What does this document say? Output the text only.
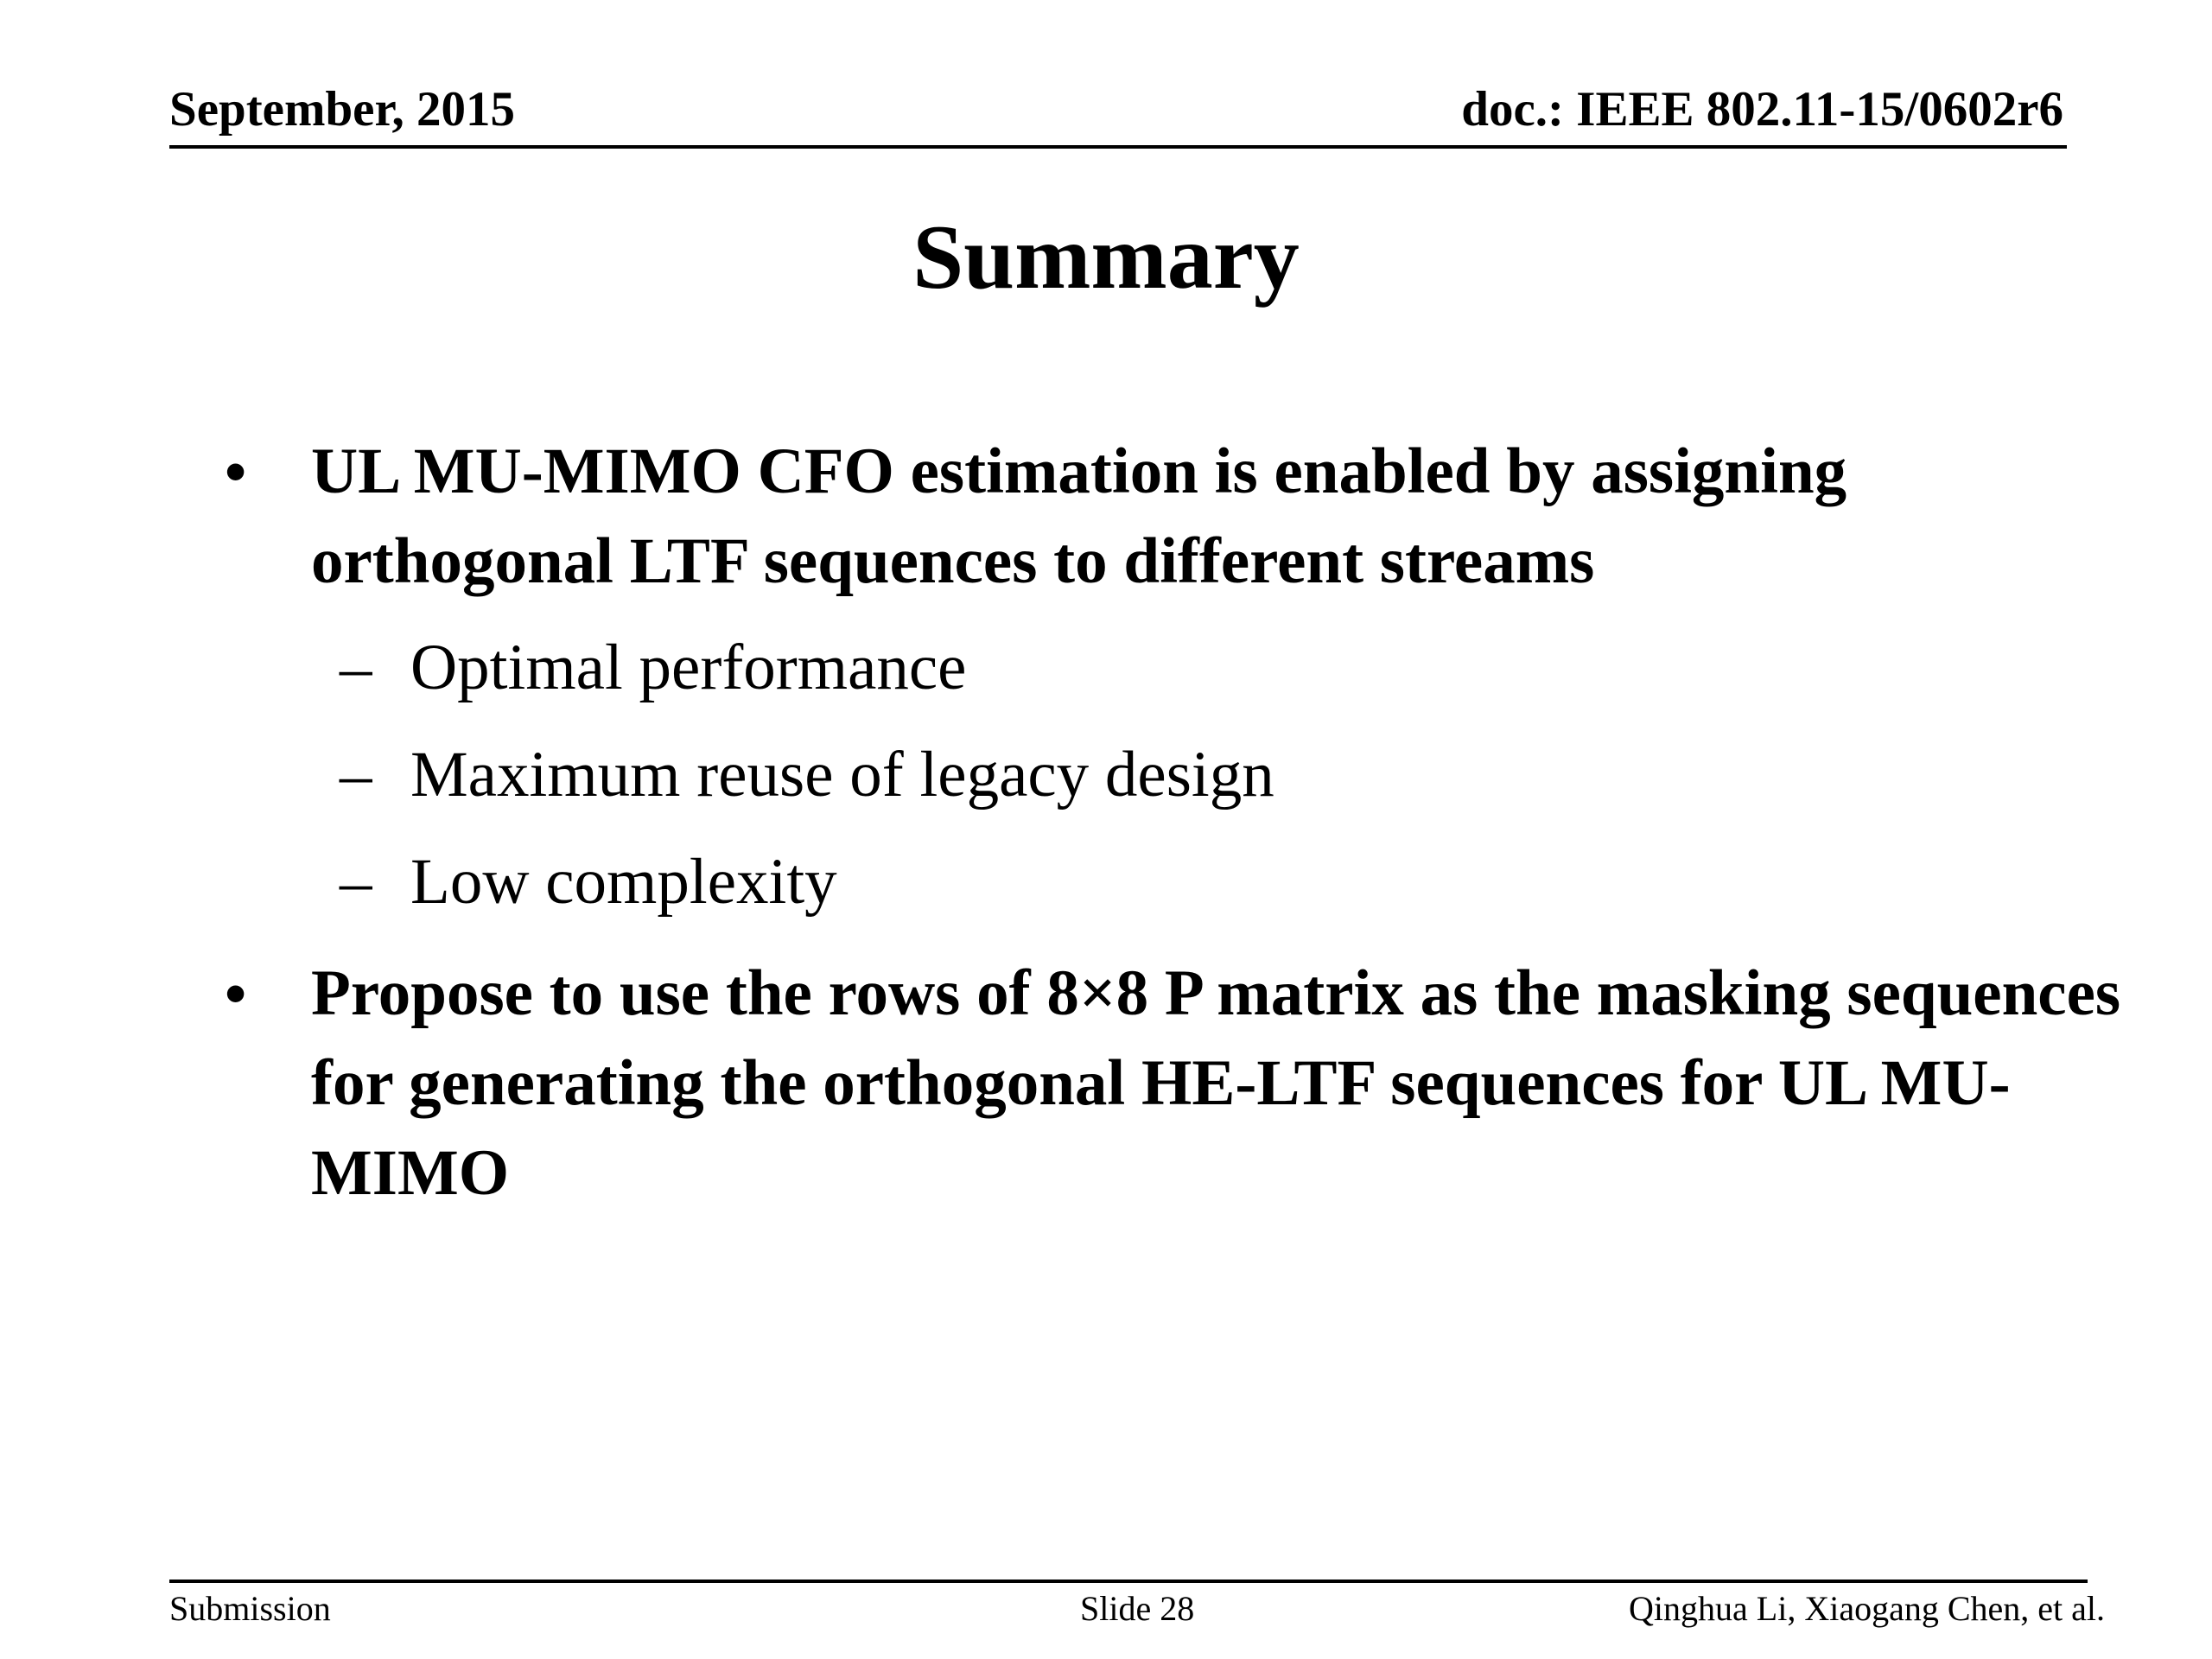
September, 2015	doc.: IEEE 802.11-15/0602r6
Summary
• UL MU-MIMO CFO estimation is enabled by assigning orthogonal LTF sequences to different streams
– Optimal performance
– Maximum reuse of legacy design
– Low complexity
• Propose to use the rows of 8×8 P matrix as the masking sequences for generating the orthogonal HE-LTF sequences for UL MU-MIMO
Submission	Slide 28	Qinghua Li, Xiaogang Chen, et al.
